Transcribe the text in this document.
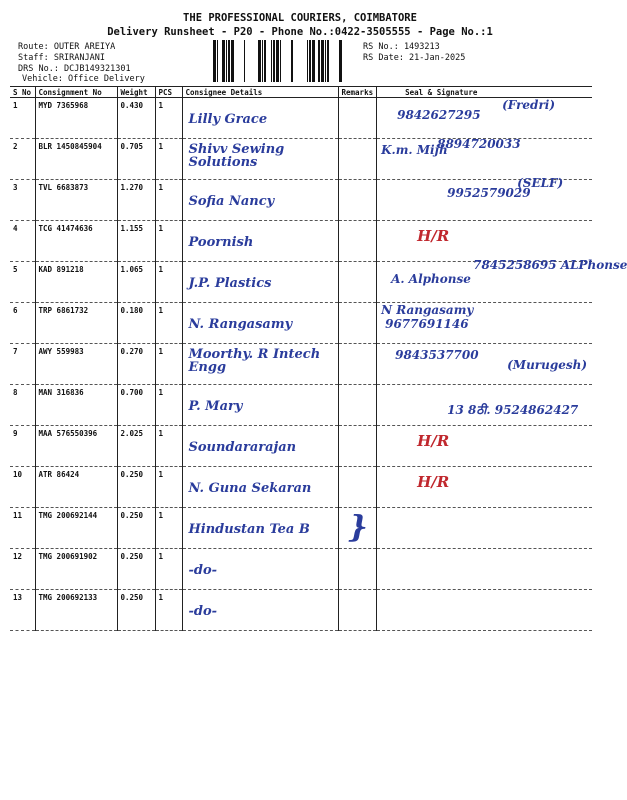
THE PROFESSIONAL COURIERS, COIMBATORE
Delivery Runsheet - P20 - Phone No.:0422-3505555 - Page No.:1
Route: OUTER AREIYA
Staff: SRIRANJANI
DRS No.: DCJB149321301
Vehicle: Office Delivery
RS No.: 1493213
RS Date: 21-Jan-2025
S No	Consignment No	Weight	PCS	Consignee Details	Remarks	Seal & Signature
1	MYD 7365968	0.430	1	Lilly Grace		9842627295
(Fredri)

2	BLR 1450845904	0.705	1	Shivv Sewing Solutions		K.m. Mijh
8894720033

3	TVL 6683873	1.270	1	Sofia Nancy		9952579029
(SELF)

4	TCG 41474636	1.155	1	Poornish		H/R

5	KAD 891218	1.065	1	J.P. Plastics		A. Alphonse
7845258695 ALPhonse

6	TRP 6861732	0.180	1	N. Rangasamy		N Rangasamy
9677691146

7	AWY 559983	0.270	1	Moorthy. R Intech Engg		9843537700
(Murugesh)

8	MAN 316836	0.700	1	P. Mary		13 8ठी. 9524862427

9	MAA 576550396	2.025	1	Soundararajan		H/R

10	ATR 86424	0.250	1	N. Guna Sekaran		H/R

11	TMG 200692144	0.250	1	Hindustan Tea B	}	

12	TMG 200691902	0.250	1	-do-		

13	TMG 200692133	0.250	1	-do-		
